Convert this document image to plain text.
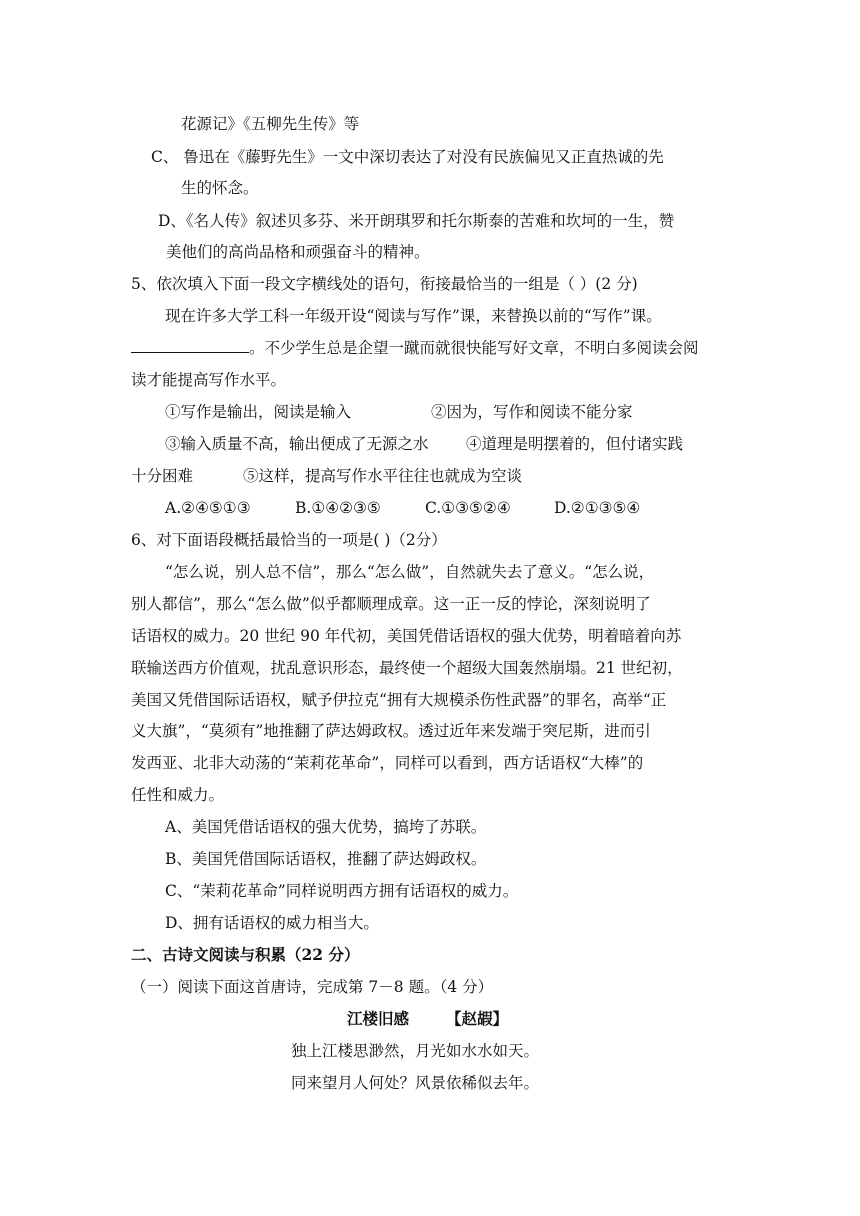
花源记》《五柳先生传》等
C、 鲁迅在《藤野先生》一文中深切表达了对没有民族偏见又正直热诚的先
生的怀念。
D、《名人传》叙述贝多芬、米开朗琪罗和托尔斯泰的苦难和坎坷的一生，赞
美他们的高尚品格和顽强奋斗的精神。
5、依次填入下面一段文字横线处的语句，衔接最恰当的一组是（ ）(2 分)
现在许多大学工科一年级开设“阅读与写作”课，来替换以前的“写作”课。
。不少学生总是企望一蹴而就很快能写好文章，不明白多阅读会阅
读才能提高写作水平。
①写作是输出，阅读是输入	②因为，写作和阅读不能分家
③输入质量不高，输出便成了无源之水 ④道理是明摆着的，但付诸实践
十分困难	⑤这样，提高写作水平往往也就成为空谈
A.②④⑤①③	B.①④②③⑤	C.①③⑤②④	D.②①③⑤④
6、对下面语段概括最恰当的一项是( )（2分）
“怎么说，别人总不信”，那么“怎么做”，自然就失去了意义。“怎么说，
别人都信”，那么“怎么做”似乎都顺理成章。这一正一反的悖论，深刻说明了
话语权的威力。20 世纪 90 年代初，美国凭借话语权的强大优势，明着暗着向苏
联输送西方价值观，扰乱意识形态，最终使一个超级大国轰然崩塌。21 世纪初，
美国又凭借国际话语权，赋予伊拉克“拥有大规模杀伤性武器”的罪名，高举“正
义大旗”，“莫须有”地推翻了萨达姆政权。透过近年来发端于突尼斯，进而引
发西亚、北非大动荡的“茉莉花革命”，同样可以看到，西方话语权“大棒”的
任性和威力。
A、美国凭借话语权的强大优势，搞垮了苏联。
B、美国凭借国际话语权，推翻了萨达姆政权。
C、“茉莉花革命”同样说明西方拥有话语权的威力。
D、拥有话语权的威力相当大。
二、古诗文阅读与积累（22 分）
（一）阅读下面这首唐诗，完成第 7－8 题。（4 分）
江楼旧感 【赵嘏】
独上江楼思渺然，月光如水水如天。
同来望月人何处？风景依稀似去年。
